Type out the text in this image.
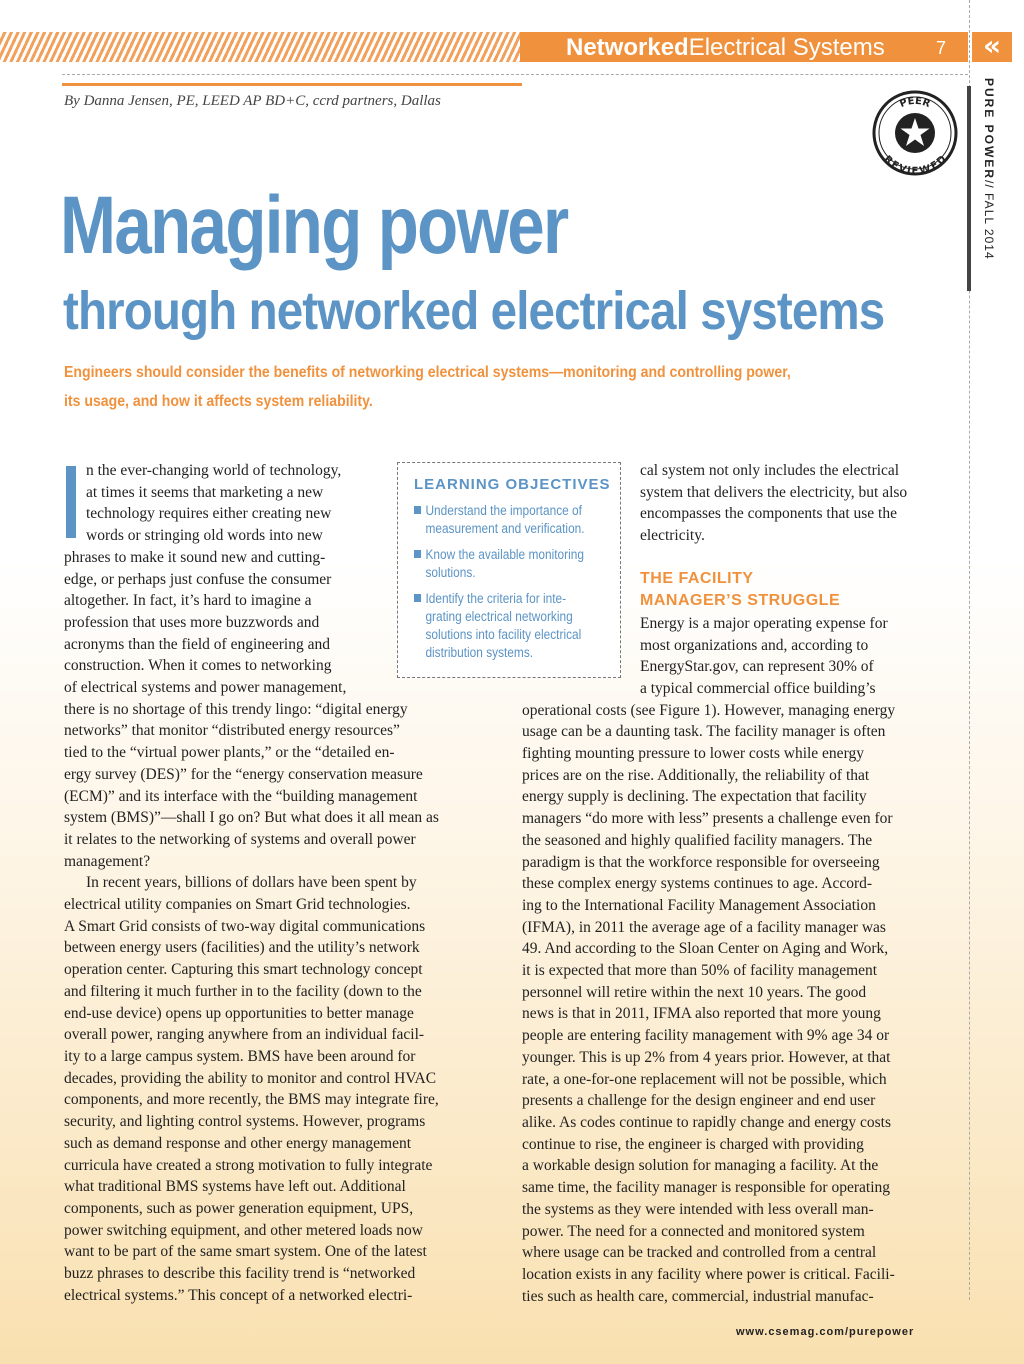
NetworkedElectrical Systems	7	«
PURE POWER// FALL 2014
By Danna Jensen, PE, LEED AP BD+C, ccrd partners, Dallas	PEER
REVIEWED
Managing power
through networked electrical systems
Engineers should consider the benefits of networking electrical systems—monitoring and controlling power,
its usage, and how it affects system reliability.
n the ever-changing world of technology,
at times it seems that marketing a new
technology requires either creating new
words or stringing old words into new
phrases to make it sound new and cutting-
edge, or perhaps just confuse the consumer
altogether. In fact, it’s hard to imagine a
profession that uses more buzzwords and
acronyms than the field of engineering and
construction. When it comes to networking
of electrical systems and power management,
there is no shortage of this trendy lingo: “digital energy
networks” that monitor “distributed energy resources”
tied to the “virtual power plants,” or the “detailed en-
ergy survey (DES)” for the “energy conservation measure
(ECM)” and its interface with the “building management
system (BMS)”—shall I go on? But what does it all mean as
it relates to the networking of systems and overall power
management?
In recent years, billions of dollars have been spent by
electrical utility companies on Smart Grid technologies.
A Smart Grid consists of two-way digital communications
between energy users (facilities) and the utility’s network
operation center. Capturing this smart technology concept
and filtering it much further in to the facility (down to the
end-use device) opens up opportunities to better manage
overall power, ranging anywhere from an individual facil-
ity to a large campus system. BMS have been around for
decades, providing the ability to monitor and control HVAC
components, and more recently, the BMS may integrate fire,
security, and lighting control systems. However, programs
such as demand response and other energy management
curricula have created a strong motivation to fully integrate
what traditional BMS systems have left out. Additional
components, such as power generation equipment, UPS,
power switching equipment, and other metered loads now
want to be part of the same smart system. One of the latest
buzz phrases to describe this facility trend is “networked
electrical systems.” This concept of a networked electri-
LEARNING OBJECTIVES
Understand the importance of
measurement and verification.
Know the available monitoring
solutions.
Identify the criteria for inte-
grating electrical networking
solutions into facility electrical
distribution systems.
cal system not only includes the electrical
system that delivers the electricity, but also
encompasses the components that use the
electricity.
Energy is a major operating expense for
most organizations and, according to
EnergyStar.gov, can represent 30% of
a typical commercial office building’s
operational costs (see Figure 1). However, managing energy
usage can be a daunting task. The facility manager is often
fighting mounting pressure to lower costs while energy
prices are on the rise. Additionally, the reliability of that
energy supply is declining. The expectation that facility
managers “do more with less” presents a challenge even for
the seasoned and highly qualified facility managers. The
paradigm is that the workforce responsible for overseeing
these complex energy systems continues to age. Accord-
ing to the International Facility Management Association
(IFMA), in 2011 the average age of a facility manager was
49. And according to the Sloan Center on Aging and Work,
it is expected that more than 50% of facility management
personnel will retire within the next 10 years. The good
news is that in 2011, IFMA also reported that more young
people are entering facility management with 9% age 34 or
younger. This is up 2% from 4 years prior. However, at that
rate, a one-for-one replacement will not be possible, which
presents a challenge for the design engineer and end user
alike. As codes continue to rapidly change and energy costs
continue to rise, the engineer is charged with providing
a workable design solution for managing a facility. At the
same time, the facility manager is responsible for operating
the systems as they were intended with less overall man-
power. The need for a connected and monitored system
where usage can be tracked and controlled from a central
location exists in any facility where power is critical. Facili-
ties such as health care, commercial, industrial manufac-
THE FACILITY
MANAGER’S STRUGGLE
www.csemag.com/purepower
